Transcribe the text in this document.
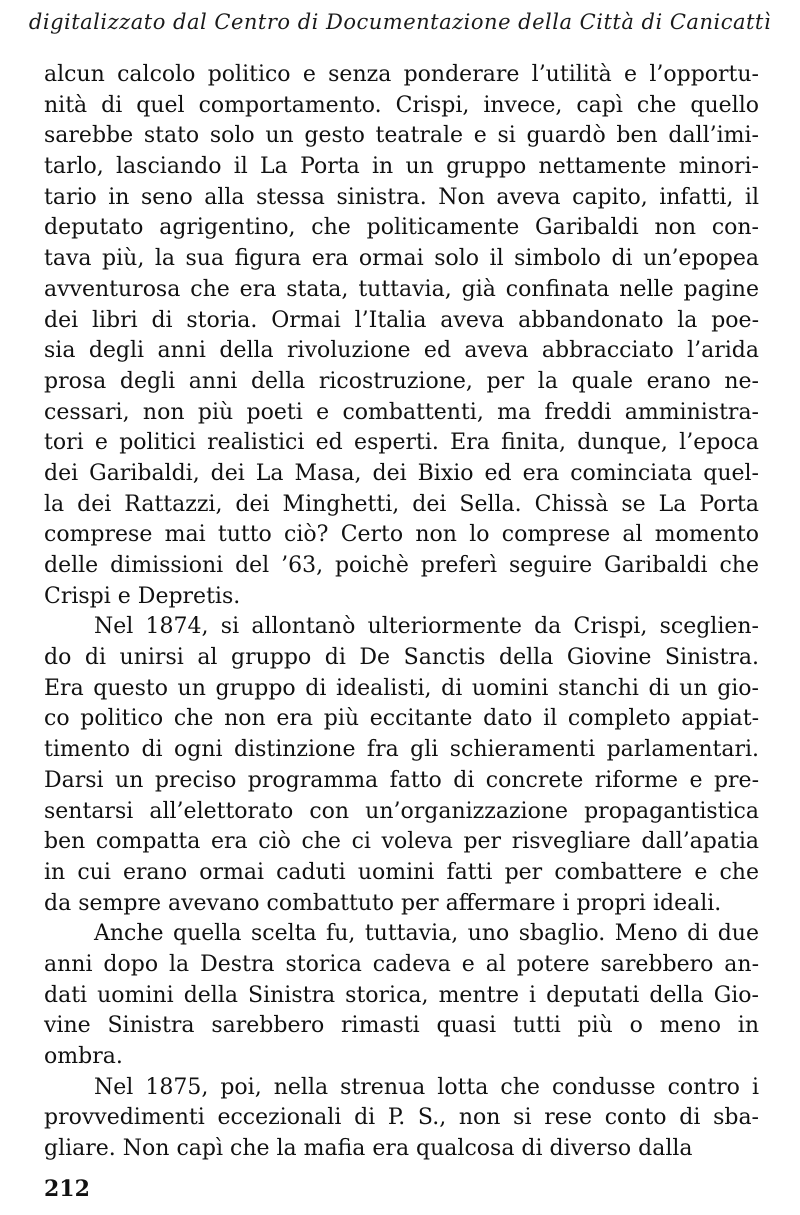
digitalizzato dal Centro di Documentazione della Città di Canicattì
alcun calcolo politico e senza ponderare l’utilità e l’opportu-
nità di quel comportamento. Crispi, invece, capì che quello
sarebbe stato solo un gesto teatrale e si guardò ben dall’imi-
tarlo, lasciando il La Porta in un gruppo nettamente minori-
tario in seno alla stessa sinistra. Non aveva capito, infatti, il
deputato agrigentino, che politicamente Garibaldi non con-
tava più, la sua figura era ormai solo il simbolo di un’epopea
avventurosa che era stata, tuttavia, già confinata nelle pagine
dei libri di storia. Ormai l’Italia aveva abbandonato la poe-
sia degli anni della rivoluzione ed aveva abbracciato l’arida
prosa degli anni della ricostruzione, per la quale erano ne-
cessari, non più poeti e combattenti, ma freddi amministra-
tori e politici realistici ed esperti. Era finita, dunque, l’epoca
dei Garibaldi, dei La Masa, dei Bixio ed era cominciata quel-
la dei Rattazzi, dei Minghetti, dei Sella. Chissà se La Porta
comprese mai tutto ciò? Certo non lo comprese al momento
delle dimissioni del ’63, poichè preferì seguire Garibaldi che
Crispi e Depretis.
Nel 1874, si allontanò ulteriormente da Crispi, sceglien-
do di unirsi al gruppo di De Sanctis della Giovine Sinistra.
Era questo un gruppo di idealisti, di uomini stanchi di un gio-
co politico che non era più eccitante dato il completo appiat-
timento di ogni distinzione fra gli schieramenti parlamentari.
Darsi un preciso programma fatto di concrete riforme e pre-
sentarsi all’elettorato con un’organizzazione propagantistica
ben compatta era ciò che ci voleva per risvegliare dall’apatia
in cui erano ormai caduti uomini fatti per combattere e che
da sempre avevano combattuto per affermare i propri ideali.
Anche quella scelta fu, tuttavia, uno sbaglio. Meno di due
anni dopo la Destra storica cadeva e al potere sarebbero an-
dati uomini della Sinistra storica, mentre i deputati della Gio-
vine Sinistra sarebbero rimasti quasi tutti più o meno in
ombra.
Nel 1875, poi, nella strenua lotta che condusse contro i
provvedimenti eccezionali di P. S., non si rese conto di sba-
gliare. Non capì che la mafia era qualcosa di diverso dalla
212
